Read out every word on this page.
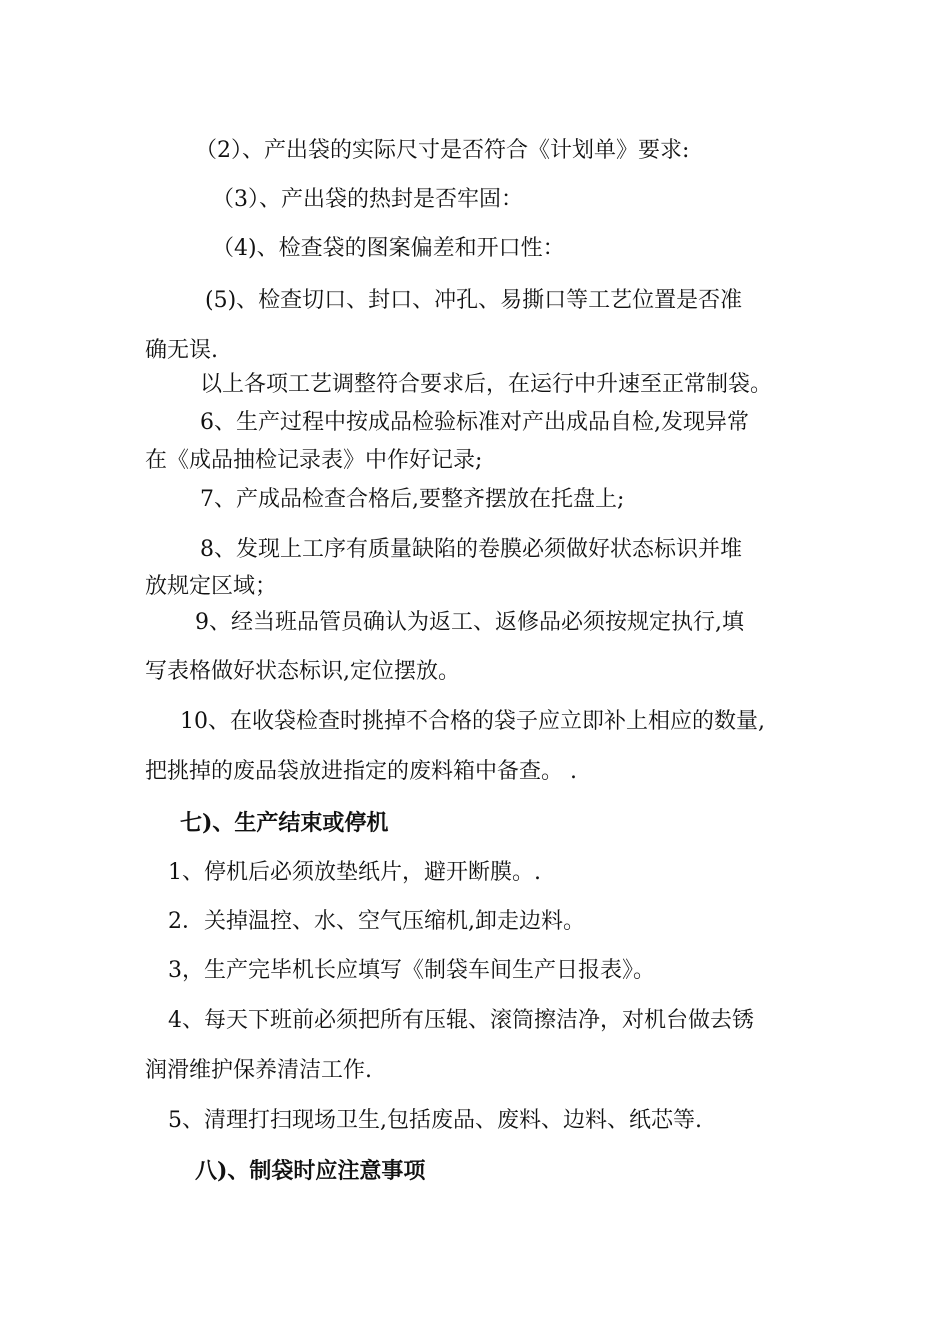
（2）、产出袋的实际尺寸是否符合《计划单》要求:
（3）、产出袋的热封是否牢固：
（4)、检查袋的图案偏差和开口性：
(5)、检查切口、封口、冲孔、易撕口等工艺位置是否准
确无误.
以上各项工艺调整符合要求后，在运行中升速至正常制袋。
6、生产过程中按成品检验标准对产出成品自检,发现异常
在《成品抽检记录表》中作好记录;
7、产成品检查合格后,要整齐摆放在托盘上;
8、发现上工序有质量缺陷的卷膜必须做好状态标识并堆
放规定区域；
9、经当班品管员确认为返工、返修品必须按规定执行,填
写表格做好状态标识,定位摆放。
10、在收袋检查时挑掉不合格的袋子应立即补上相应的数量,
把挑掉的废品袋放进指定的废料箱中备查。 .
七)、生产结束或停机
1、停机后必须放垫纸片，避开断膜。.
2．关掉温控、水、空气压缩机,卸走边料。
3，生产完毕机长应填写《制袋车间生产日报表》。
4、每天下班前必须把所有压辊、滚筒擦洁净，对机台做去锈
润滑维护保养清洁工作.
5、清理打扫现场卫生,包括废品、废料、边料、纸芯等.
八)、制袋时应注意事项
